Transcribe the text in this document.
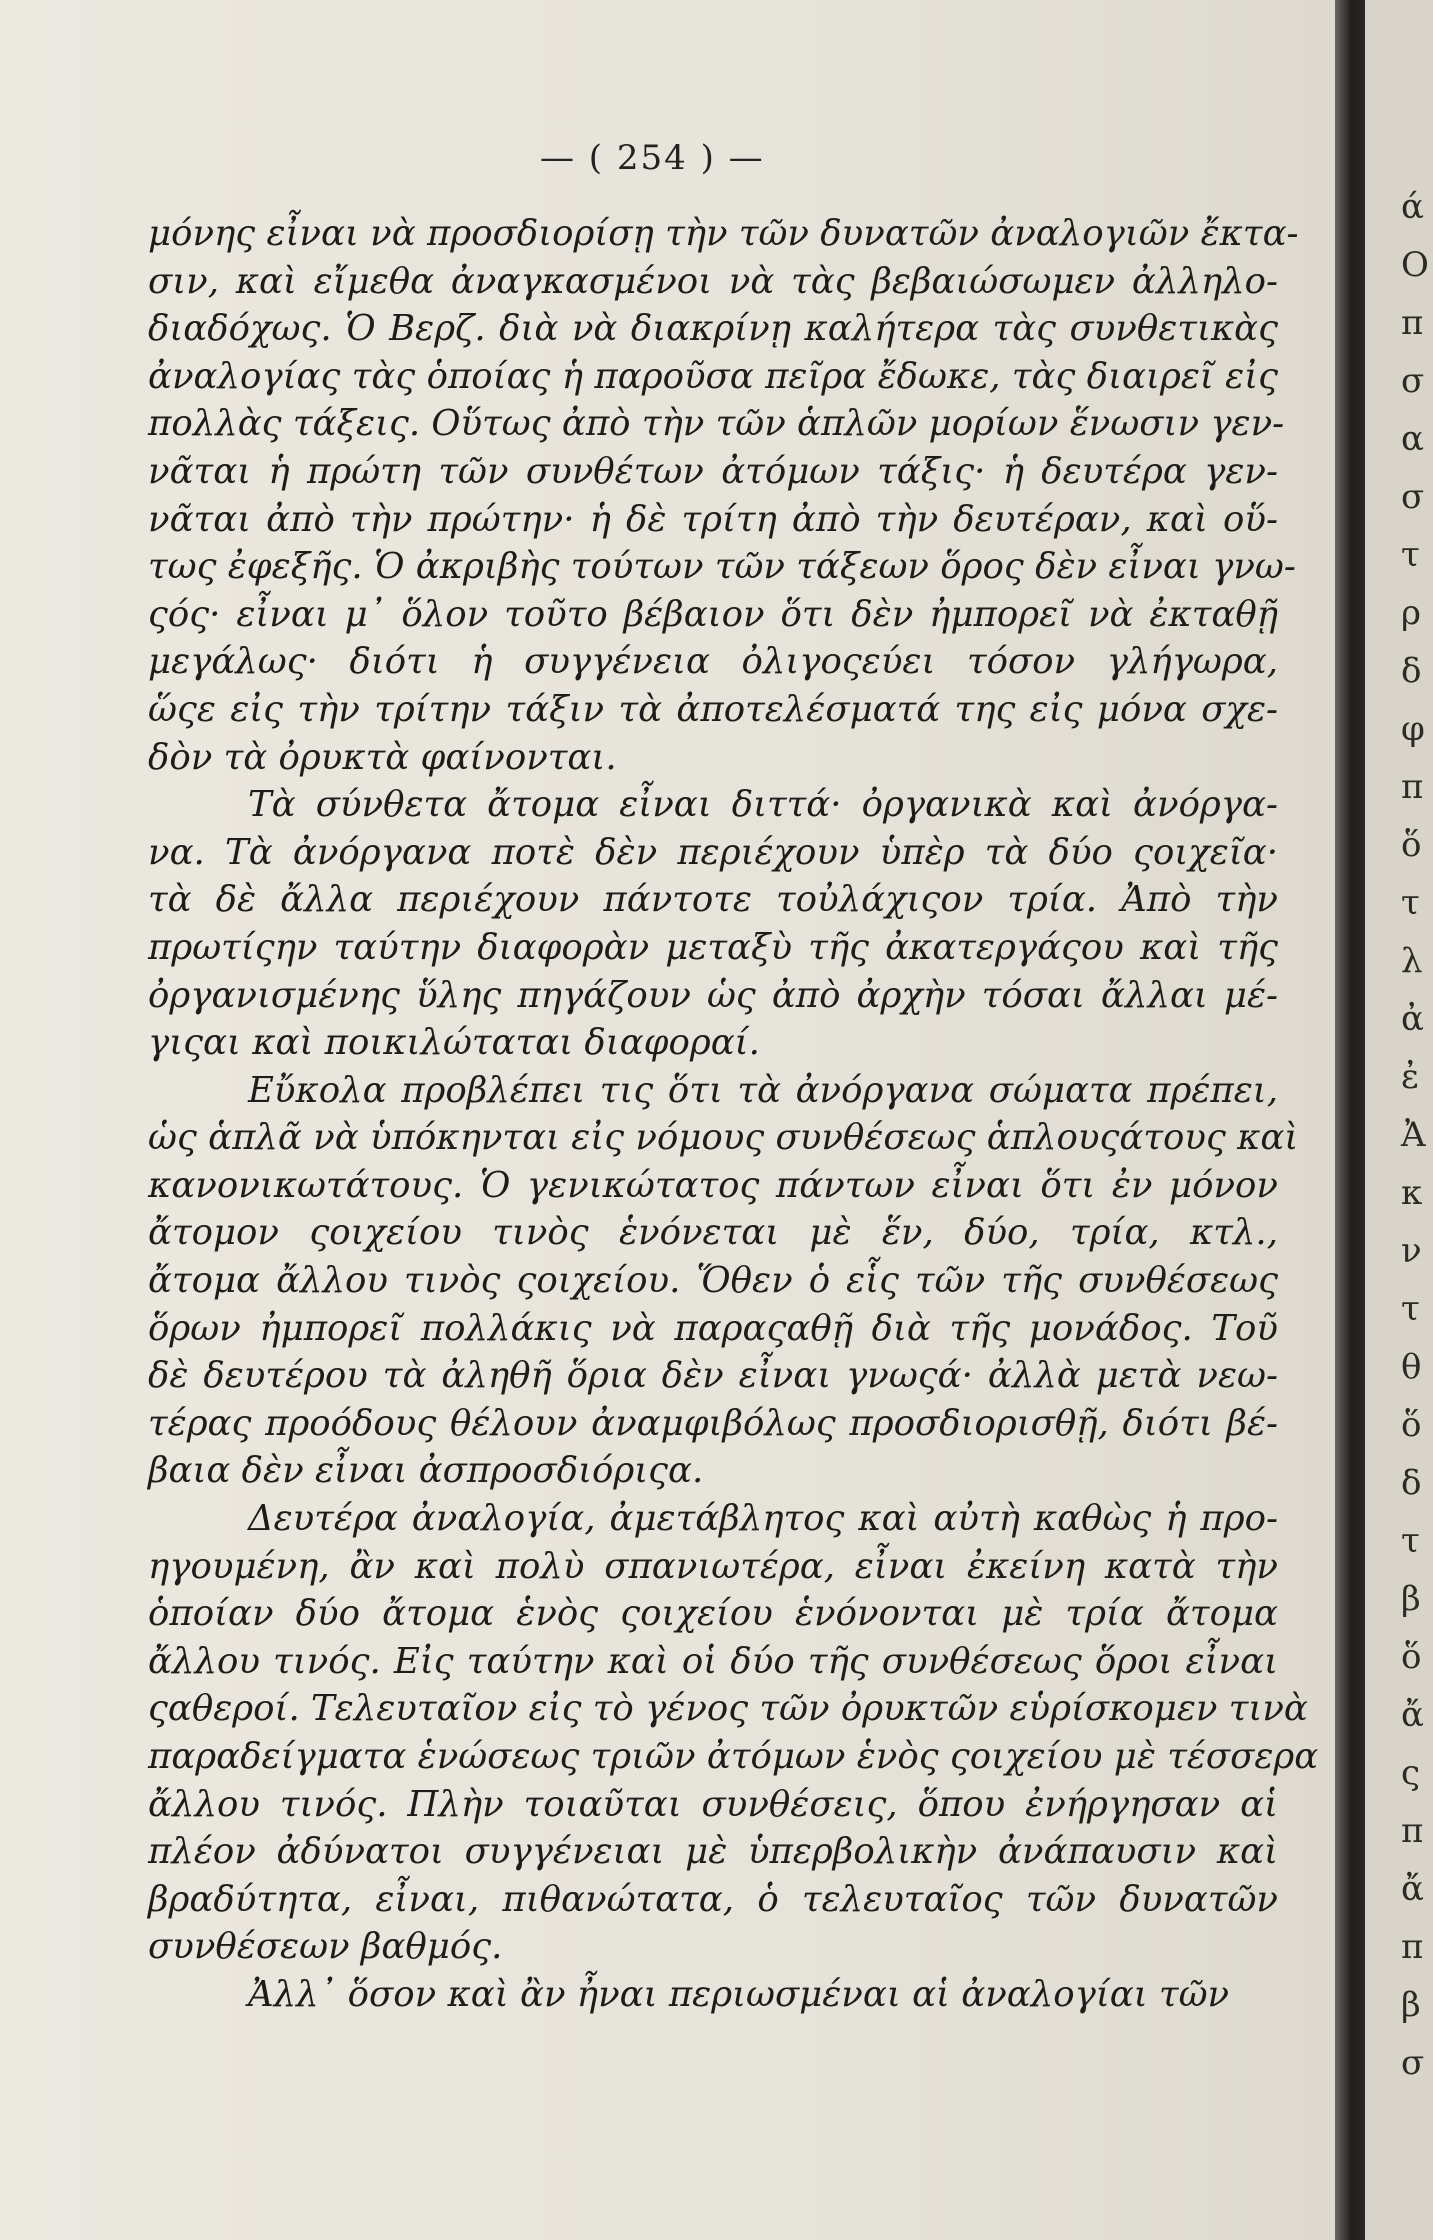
— ( 254 ) —
μόνης εἶναι νὰ προσδιορίσῃ τὴν τῶν δυνατῶν ἀναλογιῶν ἔκτα-
σιν, καὶ εἴμεθα ἀναγκασμένοι νὰ τὰς βεβαιώσωμεν ἀλληλο-
διαδόχως. Ὁ Βερζ. διὰ νὰ διακρίνῃ καλήτερα τὰς συνθετικὰς
ἀναλογίας τὰς ὁποίας ἡ παροῦσα πεῖρα ἔδωκε, τὰς διαιρεῖ εἰς
πολλὰς τάξεις. Οὕτως ἀπὸ τὴν τῶν ἁπλῶν μορίων ἕνωσιν γεν-
νᾶται ἡ πρώτη τῶν συνθέτων ἀτόμων τάξις· ἡ δευτέρα γεν-
νᾶται ἀπὸ τὴν πρώτην· ἡ δὲ τρίτη ἀπὸ τὴν δευτέραν, καὶ οὕ-
τως ἐφεξῆς. Ὁ ἀκριβὴς τούτων τῶν τάξεων ὅρος δὲν εἶναι γνω-
ςός· εἶναι μ᾽ ὅλον τοῦτο βέβαιον ὅτι δὲν ἠμπορεῖ νὰ ἐκταθῇ
μεγάλως· διότι ἡ συγγένεια ὀλιγοςεύει τόσον γλήγωρα,
ὥςε εἰς τὴν τρίτην τάξιν τὰ ἀποτελέσματά της εἰς μόνα σχε-
δὸν τὰ ὀρυκτὰ φαίνονται.
Τὰ σύνθετα ἄτομα εἶναι διττά· ὀργανικὰ καὶ ἀνόργα-
να. Τὰ ἀνόργανα ποτὲ δὲν περιέχουν ὑπὲρ τὰ δύο ςοιχεῖα·
τὰ δὲ ἄλλα περιέχουν πάντοτε τοὐλάχιςον τρία. Ἀπὸ τὴν
πρωτίςην ταύτην διαφορὰν μεταξὺ τῆς ἀκατεργάςου καὶ τῆς
ὀργανισμένης ὕλης πηγάζουν ὡς ἀπὸ ἀρχὴν τόσαι ἄλλαι μέ-
γιςαι καὶ ποικιλώταται διαφοραί.
Εὔκολα προβλέπει τις ὅτι τὰ ἀνόργανα σώματα πρέπει,
ὡς ἁπλᾶ νὰ ὑπόκηνται εἰς νόμους συνθέσεως ἁπλουςάτους καὶ
κανονικωτάτους. Ὁ γενικώτατος πάντων εἶναι ὅτι ἐν μόνον
ἄτομον ςοιχείου τινὸς ἑνόνεται μὲ ἕν, δύο, τρία, κτλ.,
ἄτομα ἄλλου τινὸς ςοιχείου. Ὅθεν ὁ εἷς τῶν τῆς συνθέσεως
ὅρων ἠμπορεῖ πολλάκις νὰ παραςαθῇ διὰ τῆς μονάδος. Τοῦ
δὲ δευτέρου τὰ ἀληθῆ ὅρια δὲν εἶναι γνωςά· ἀλλὰ μετὰ νεω-
τέρας προόδους θέλουν ἀναμφιβόλως προσδιορισθῇ, διότι βέ-
βαια δὲν εἶναι ἀσπροσδιόριςα.
Δευτέρα ἀναλογία, ἀμετάβλητος καὶ αὐτὴ καθὼς ἡ προ-
ηγουμένη, ἂν καὶ πολὺ σπανιωτέρα, εἶναι ἐκείνη κατὰ τὴν
ὁποίαν δύο ἄτομα ἑνὸς ςοιχείου ἑνόνονται μὲ τρία ἄτομα
ἄλλου τινός. Εἰς ταύτην καὶ οἱ δύο τῆς συνθέσεως ὅροι εἶναι
ςαθεροί. Τελευταῖον εἰς τὸ γένος τῶν ὀρυκτῶν εὑρίσκομεν τινὰ
παραδείγματα ἑνώσεως τριῶν ἀτόμων ἑνὸς ςοιχείου μὲ τέσσερα
ἄλλου τινός. Πλὴν τοιαῦται συνθέσεις, ὅπου ἐνήργησαν αἱ
πλέον ἀδύνατοι συγγένειαι μὲ ὑπερβολικὴν ἀνάπαυσιν καὶ
βραδύτητα, εἶναι, πιθανώτατα, ὁ τελευταῖος τῶν δυνατῶν
συνθέσεων βαθμός.
Ἀλλ᾽ ὅσον καὶ ἂν ἦναι περιωσμέναι αἱ ἀναλογίαι τῶν
ά
Ο
π
σ
α
σ
τ
ρ
δ
φ
π
ὅ
τ
λ
ἀ
ἐ
Ἀ
κ
ν
τ
θ
ὅ
δ
τ
β
ὅ
ἄ
ς
π
ἄ
π
β
σ
